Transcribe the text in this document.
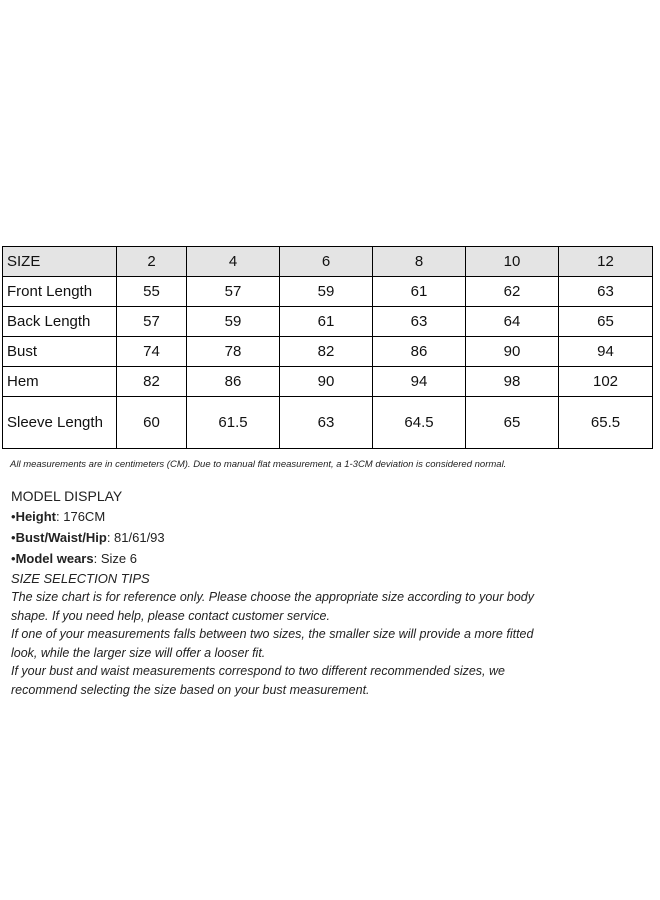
SIZE	2	4	6	8	10	12
Front Length	55	57	59	61	62	63
Back Length	57	59	61	63	64	65
Bust	74	78	82	86	90	94
Hem	82	86	90	94	98	102
Sleeve Length	60	61.5	63	64.5	65	65.5
All measurements are in centimeters (CM). Due to manual flat measurement, a 1-3CM deviation is considered normal.
MODEL DISPLAY
•Height: 176CM
•Bust/Waist/Hip: 81/61/93
•Model wears: Size 6
SIZE SELECTION TIPS
The size chart is for reference only. Please choose the appropriate size according to your body
shape. If you need help, please contact customer service.
If one of your measurements falls between two sizes, the smaller size will provide a more fitted
look, while the larger size will offer a looser fit.
If your bust and waist measurements correspond to two different recommended sizes, we
recommend selecting the size based on your bust measurement.
